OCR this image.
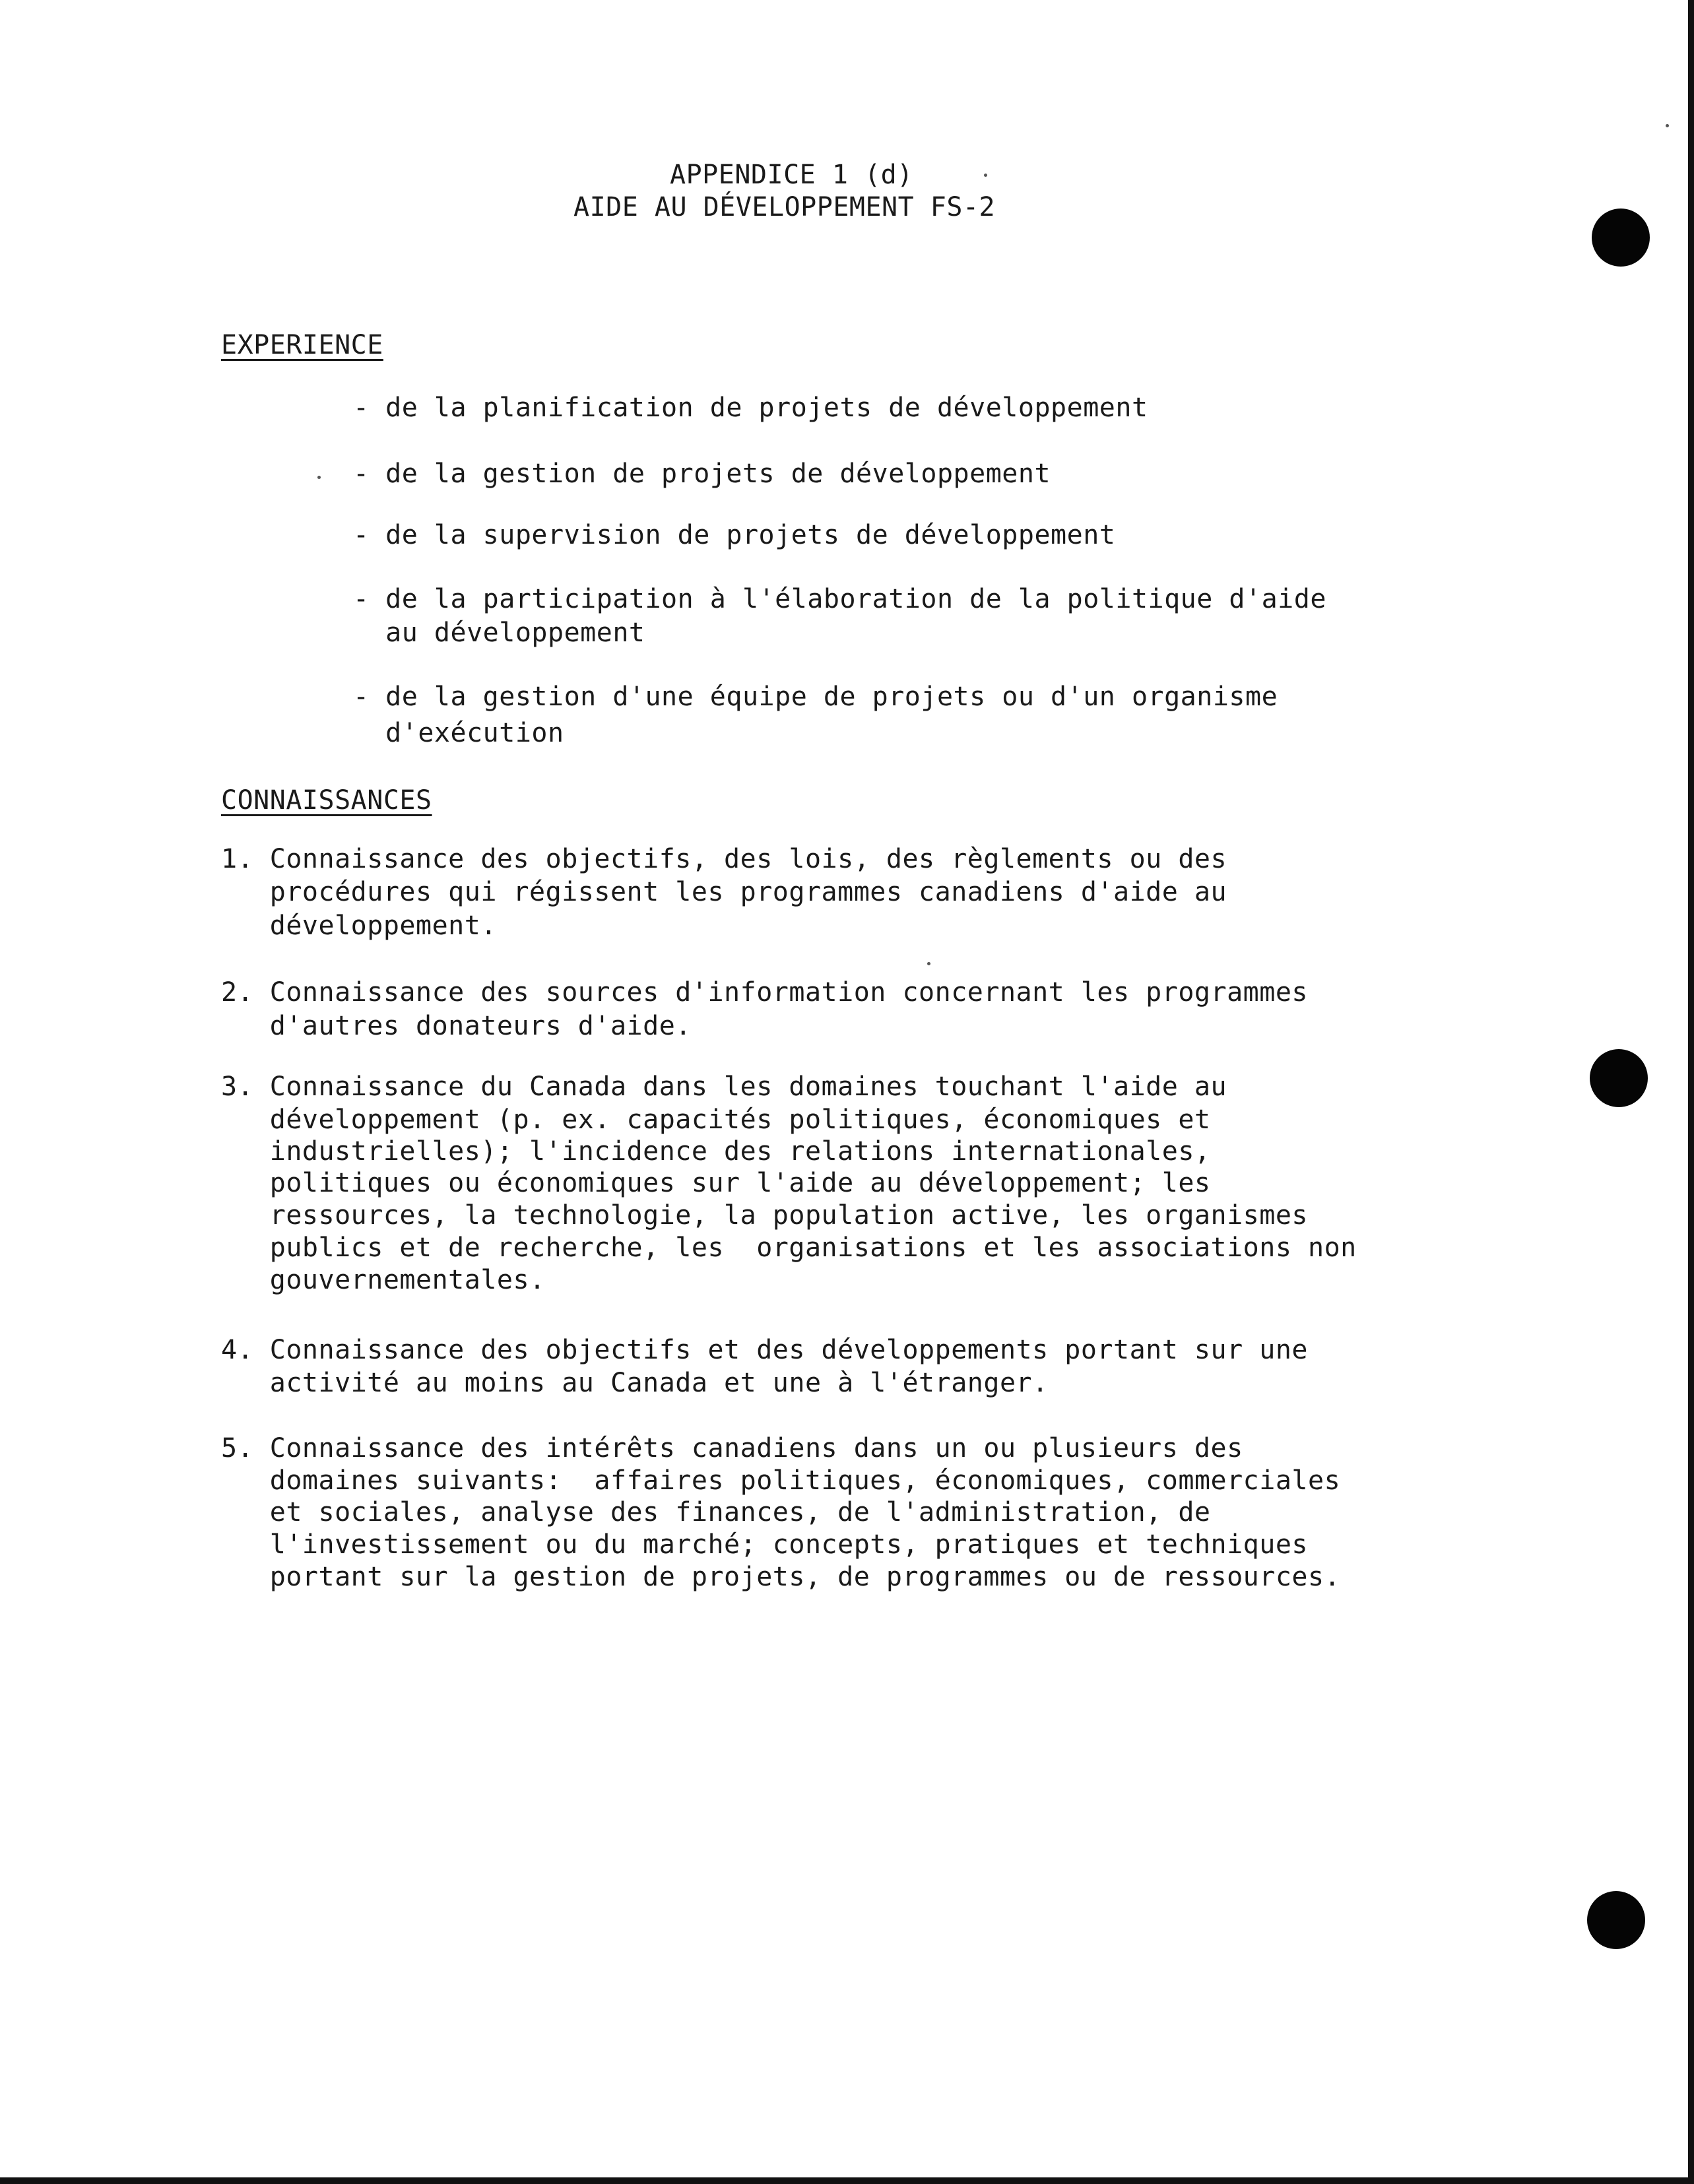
APPENDICE 1 (d)
AIDE AU DÉVELOPPEMENT FS-2
EXPERIENCE
- de la planification de projets de développement
- de la gestion de projets de développement
- de la supervision de projets de développement
- de la participation à l'élaboration de la politique d'aide
au développement
- de la gestion d'une équipe de projets ou d'un organisme
d'exécution
CONNAISSANCES
1. Connaissance des objectifs, des lois, des règlements ou des
procédures qui régissent les programmes canadiens d'aide au
développement.
2. Connaissance des sources d'information concernant les programmes
d'autres donateurs d'aide.
3. Connaissance du Canada dans les domaines touchant l'aide au
développement (p. ex. capacités politiques, économiques et
industrielles); l'incidence des relations internationales,
politiques ou économiques sur l'aide au développement; les
ressources, la technologie, la population active, les organismes
publics et de recherche, les  organisations et les associations non
gouvernementales.
4. Connaissance des objectifs et des développements portant sur une
activité au moins au Canada et une à l'étranger.
5. Connaissance des intérêts canadiens dans un ou plusieurs des
domaines suivants:  affaires politiques, économiques, commerciales
et sociales, analyse des finances, de l'administration, de
l'investissement ou du marché; concepts, pratiques et techniques
portant sur la gestion de projets, de programmes ou de ressources.
